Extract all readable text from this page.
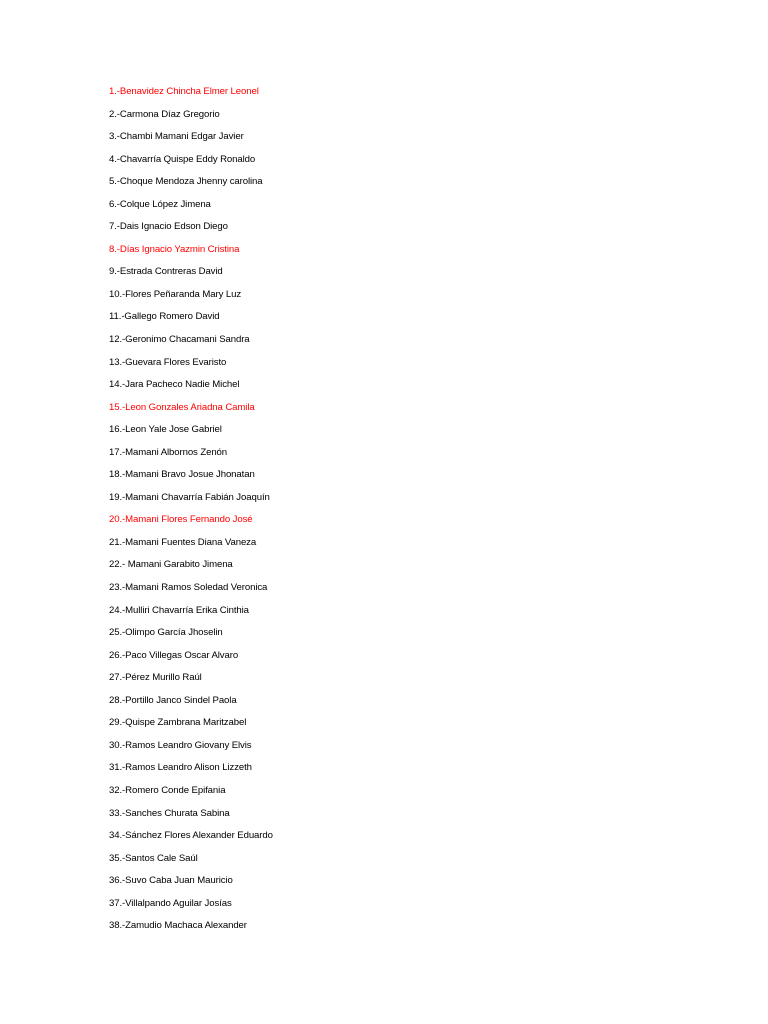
1.-Benavidez Chincha Elmer Leonel
2.-Carmona Díaz Gregorio
3.-Chambi Mamani Edgar Javier
4.-Chavarría Quispe Eddy Ronaldo
5.-Choque Mendoza Jhenny carolina
6.-Colque López Jimena
7.-Dais Ignacio Edson Diego
8.-Días Ignacio Yazmin Cristina
9.-Estrada Contreras David
10.-Flores Peñaranda Mary Luz
11.-Gallego Romero David
12.-Geronimo Chacamani Sandra
13.-Guevara Flores Evaristo
14.-Jara Pacheco Nadie Michel
15.-Leon Gonzales Ariadna Camila
16.-Leon Yale Jose Gabriel
17.-Mamani Albornos Zenón
18.-Mamani Bravo Josue Jhonatan
19.-Mamani Chavarría Fabián Joaquín
20.-Mamani Flores Fernando José
21.-Mamani Fuentes Diana Vaneza
22.- Mamani Garabito Jimena
23.-Mamani Ramos Soledad Veronica
24.-Mulliri Chavarría Erika Cinthia
25.-Olimpo García Jhoselin
26.-Paco Villegas Oscar Alvaro
27.-Pérez Murillo Raúl
28.-Portillo Janco Sindel Paola
29.-Quispe Zambrana Maritzabel
30.-Ramos Leandro Giovany Elvis
31.-Ramos Leandro Alison Lizzeth
32.-Romero Conde Epifania
33.-Sanches Churata Sabina
34.-Sánchez Flores Alexander Eduardo
35.-Santos Cale Saúl
36.-Suvo Caba Juan Mauricio
37.-Villalpando Aguilar Josías
38.-Zamudio Machaca Alexander
